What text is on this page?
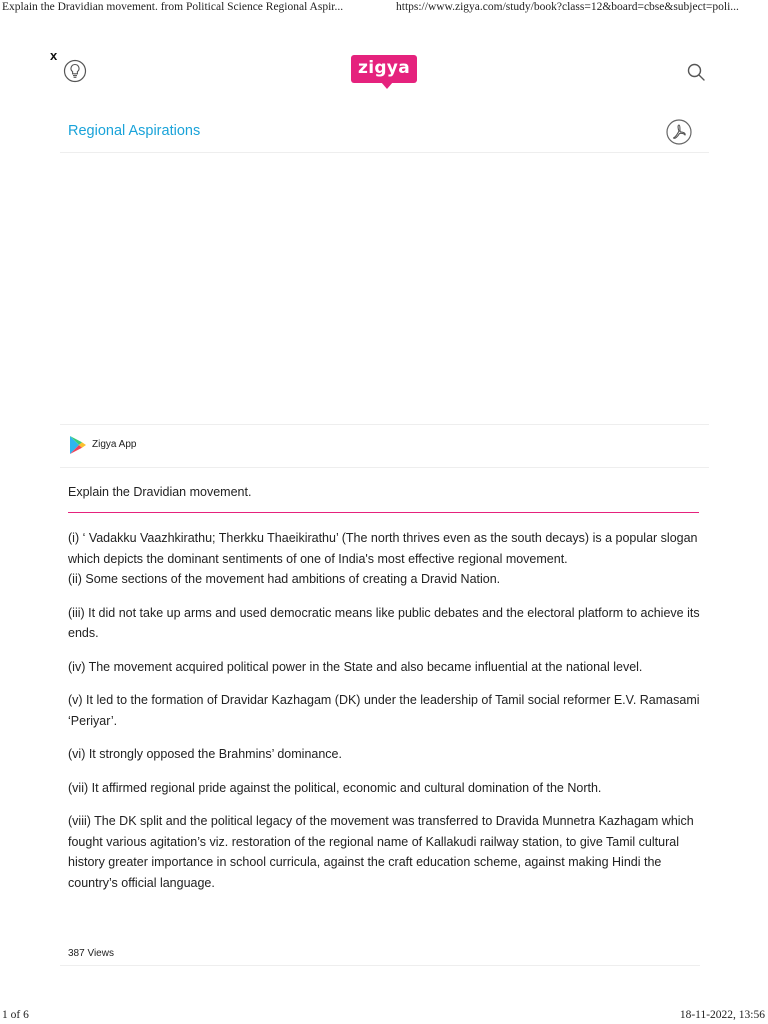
Explain the Dravidian movement. from Political Science Regional Aspir...	https://www.zigya.com/study/book?class=12&board=cbse&subject=poli...
x
zigya
Regional Aspirations
Zigya App
Explain the Dravidian movement.

(i) ‘ Vadakku Vaazhkirathu; Therkku Thaeikirathu’ (The north thrives even as the south decays) is a popular slogan which depicts the dominant sentiments of one of India's most effective regional movement.

(ii) Some sections of the movement had ambitions of creating a Dravid Nation.

(iii) It did not take up arms and used democratic means like public debates and the electoral platform to achieve its ends.

(iv) The movement acquired political power in the State and also became influential at the national level.

(v) It led to the formation of Dravidar Kazhagam (DK) under the leadership of Tamil social reformer E.V. Ramasami ‘Periyar’.

(vi) It strongly opposed the Brahmins’ dominance.

(vii) It affirmed regional pride against the political, economic and cultural domination of the North.

(viii) The DK split and the political legacy of the movement was transferred to Dravida Munnetra Kazhagam which fought various agitation’s viz. restoration of the regional name of Kallakudi railway station, to give Tamil cultural history greater importance in school curricula, against the craft education scheme, against making Hindi the country’s official language.

387 Views
1 of 6	18-11-2022, 13:56
